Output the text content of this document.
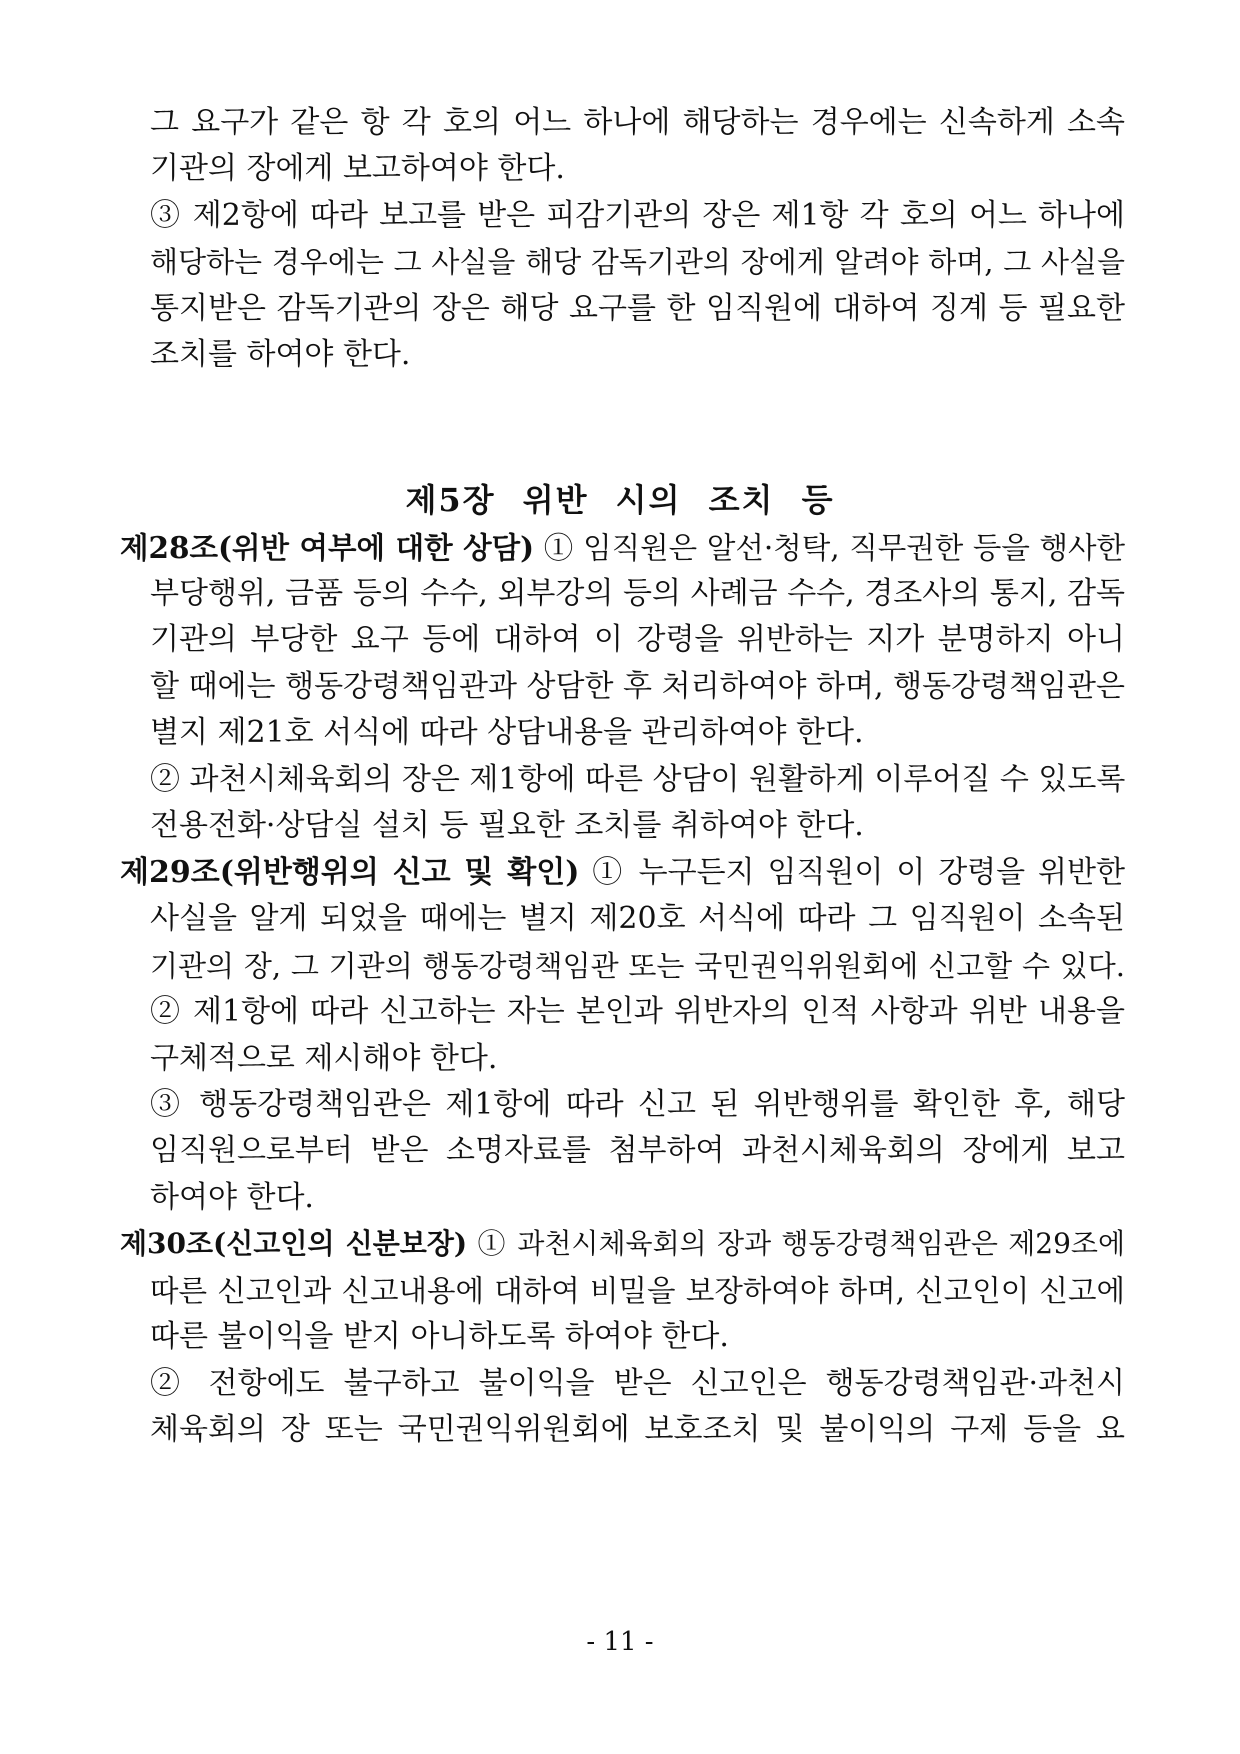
그 요구가 같은 항 각 호의 어느 하나에 해당하는 경우에는 신속하게 소속
기관의 장에게 보고하여야 한다.
③ 제2항에 따라 보고를 받은 피감기관의 장은 제1항 각 호의 어느 하나에
해당하는 경우에는 그 사실을 해당 감독기관의 장에게 알려야 하며, 그 사실을
통지받은 감독기관의 장은 해당 요구를 한 임직원에 대하여 징계 등 필요한
조치를 하여야 한다.
제5장 위반 시의 조치 등
제28조(위반 여부에 대한 상담) ① 임직원은 알선·청탁, 직무권한 등을 행사한
부당행위, 금품 등의 수수, 외부강의 등의 사례금 수수, 경조사의 통지, 감독
기관의 부당한 요구 등에 대하여 이 강령을 위반하는 지가 분명하지 아니
할 때에는 행동강령책임관과 상담한 후 처리하여야 하며, 행동강령책임관은
별지 제21호 서식에 따라 상담내용을 관리하여야 한다.
② 과천시체육회의 장은 제1항에 따른 상담이 원활하게 이루어질 수 있도록
전용전화·상담실 설치 등 필요한 조치를 취하여야 한다.
제29조(위반행위의 신고 및 확인) ① 누구든지 임직원이 이 강령을 위반한
사실을 알게 되었을 때에는 별지 제20호 서식에 따라 그 임직원이 소속된
기관의 장, 그 기관의 행동강령책임관 또는 국민권익위원회에 신고할 수 있다.
② 제1항에 따라 신고하는 자는 본인과 위반자의 인적 사항과 위반 내용을
구체적으로 제시해야 한다.
③ 행동강령책임관은 제1항에 따라 신고 된 위반행위를 확인한 후, 해당
임직원으로부터 받은 소명자료를 첨부하여 과천시체육회의 장에게 보고
하여야 한다.
제30조(신고인의 신분보장) ① 과천시체육회의 장과 행동강령책임관은 제29조에
따른 신고인과 신고내용에 대하여 비밀을 보장하여야 하며, 신고인이 신고에
따른 불이익을 받지 아니하도록 하여야 한다.
② 전항에도 불구하고 불이익을 받은 신고인은 행동강령책임관·과천시
체육회의 장 또는 국민권익위원회에 보호조치 및 불이익의 구제 등을 요
- 11 -
